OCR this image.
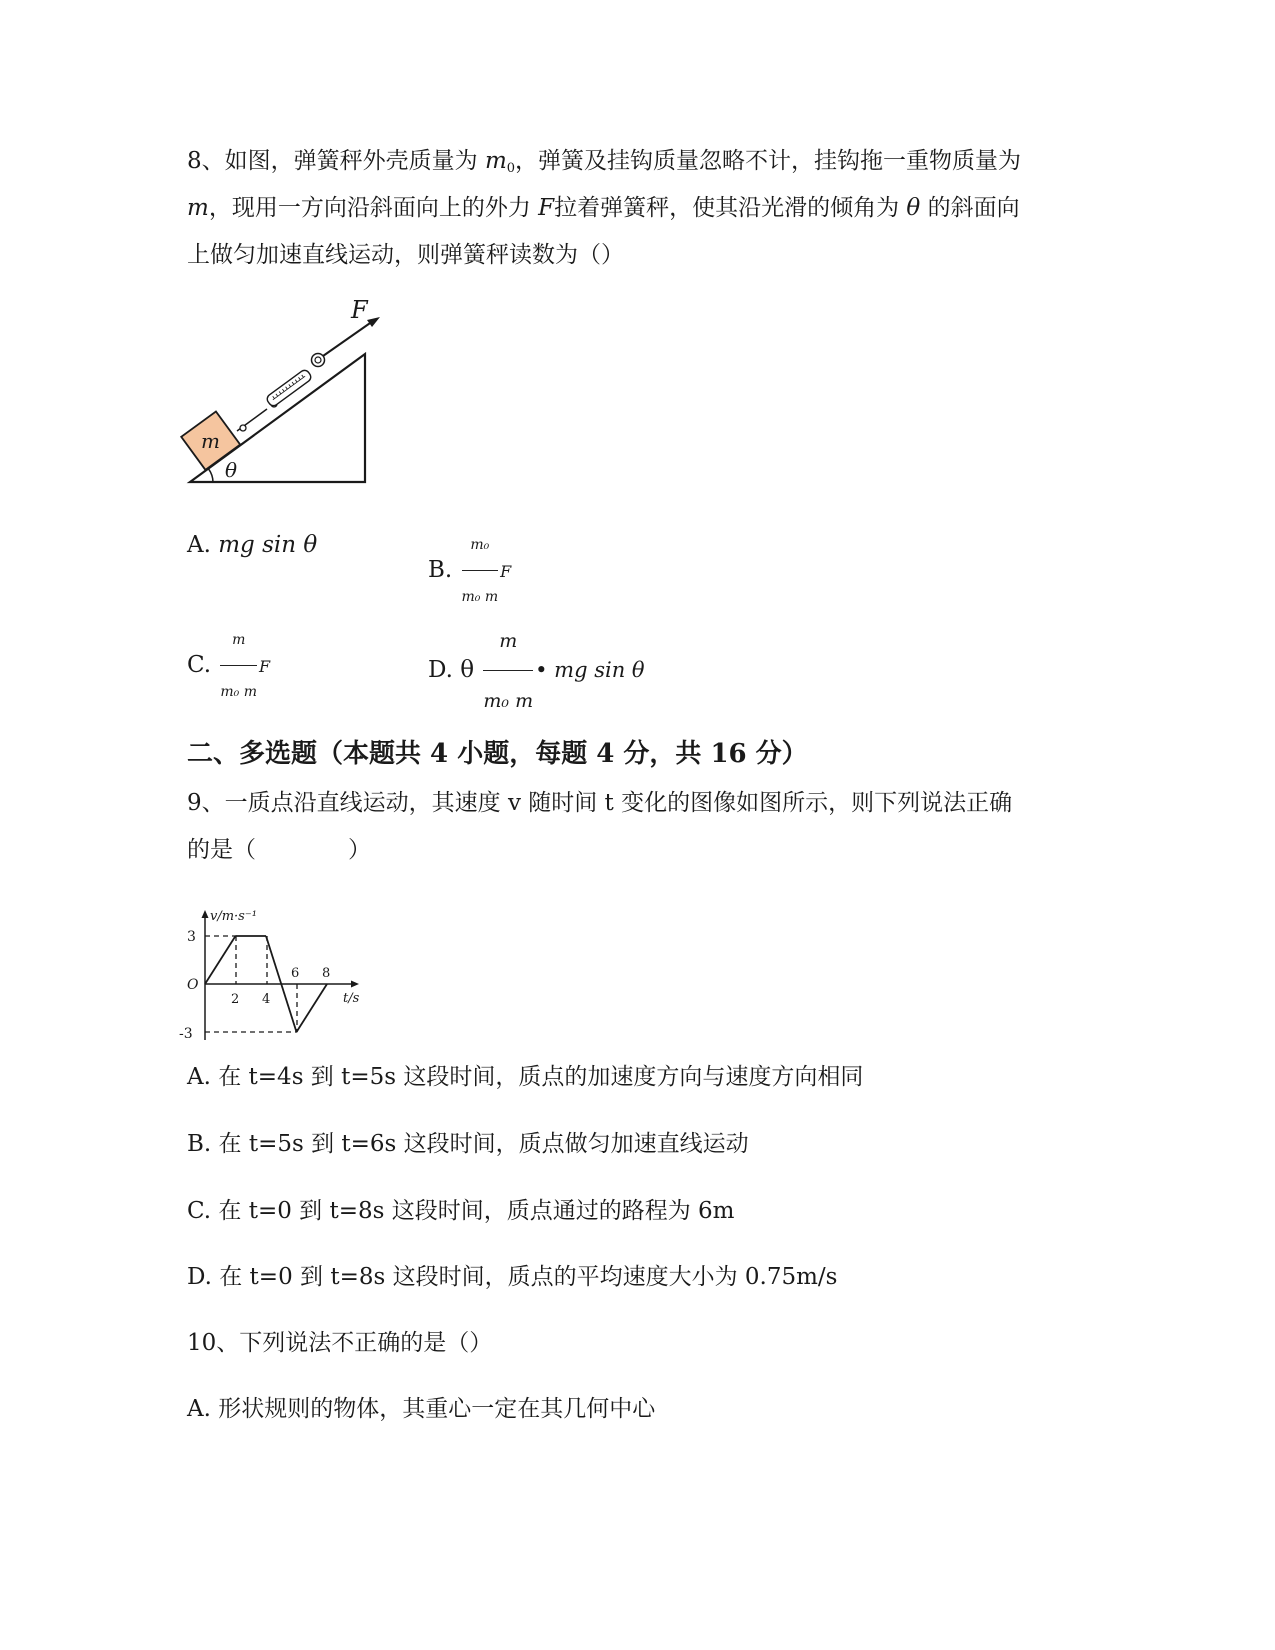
8、如图，弹簧秤外壳质量为 $m_0$，弹簧及挂钩质量忽略不计，挂钩拖一重物质量为
m，现用一方向沿斜面向上的外力 F拉着弹簧秤，使其沿光滑的倾角为 θ 的斜面向
上做匀加速直线运动，则弹簧秤读数为（）
θ
m
F
A. mg sin θ
B. $\frac{\text{m₀}}{\text{m₀ m}}$ F
C. $\frac{m}{\text{m₀ m}}$ F	D. θ $\frac{m}{\text{m₀ m}}$ • mg sin θ
二、多选题（本题共 4 小题，每题 4 分，共 16 分）
9、一质点沿直线运动，其速度 v 随时间 t 变化的图像如图所示，则下列说法正确
的是（　　　　）
v/m·s⁻¹
t/s
O
3
-3
2 4
6 8
A. 在 t=4s 到 t=5s 这段时间，质点的加速度方向与速度方向相同
B. 在 t=5s 到 t=6s 这段时间，质点做匀加速直线运动
C. 在 t=0 到 t=8s 这段时间，质点通过的路程为 6m
D. 在 t=0 到 t=8s 这段时间，质点的平均速度大小为 0.75m/s
10、下列说法不正确的是（）
A. 形状规则的物体，其重心一定在其几何中心
